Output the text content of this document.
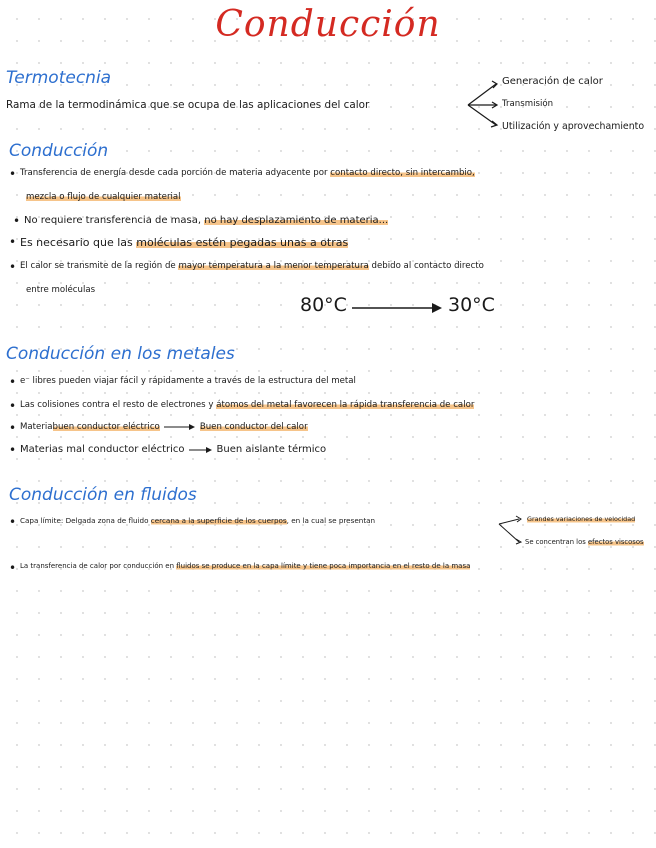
Conducción
Termotecnia
Rama de la termodinámica que se ocupa de las aplicaciones del calor
Generación de calor
Transmisión
Utilización y aprovechamiento
Conducción
• Transferencia de energía desde cada porción de materia adyacente por contacto directo, sin intercambio,
mezcla o flujo de cualquier material
• No requiere transferencia de masa, no hay desplazamiento de materia...
• Es necesario que las moléculas estén pegadas unas a otras
• El calor se transmite de la región de mayor temperatura a la menor temperatura debido al contacto directo
entre moléculas
80°C	30°C
Conducción en los metales
• e⁻ libres pueden viajar fácil y rápidamente a través de la estructura del metal
• Las colisiones contra el resto de electrones y átomos del metal favorecen la rápida transferencia de calor
• Materia buen conductor eléctrico	Buen conductor del calor
• Materias mal conductor eléctrico	Buen aislante térmico
Conducción en fluidos
• Capa límite: Delgada zona de fluido cercana a la superficie de los cuerpos, en la cual se presentan	Grandes variaciones de velocidad
Se concentran los efectos viscosos
• La transferencia de calor por conducción en fluidos se produce en la capa límite y tiene poca importancia en el resto de la masa
